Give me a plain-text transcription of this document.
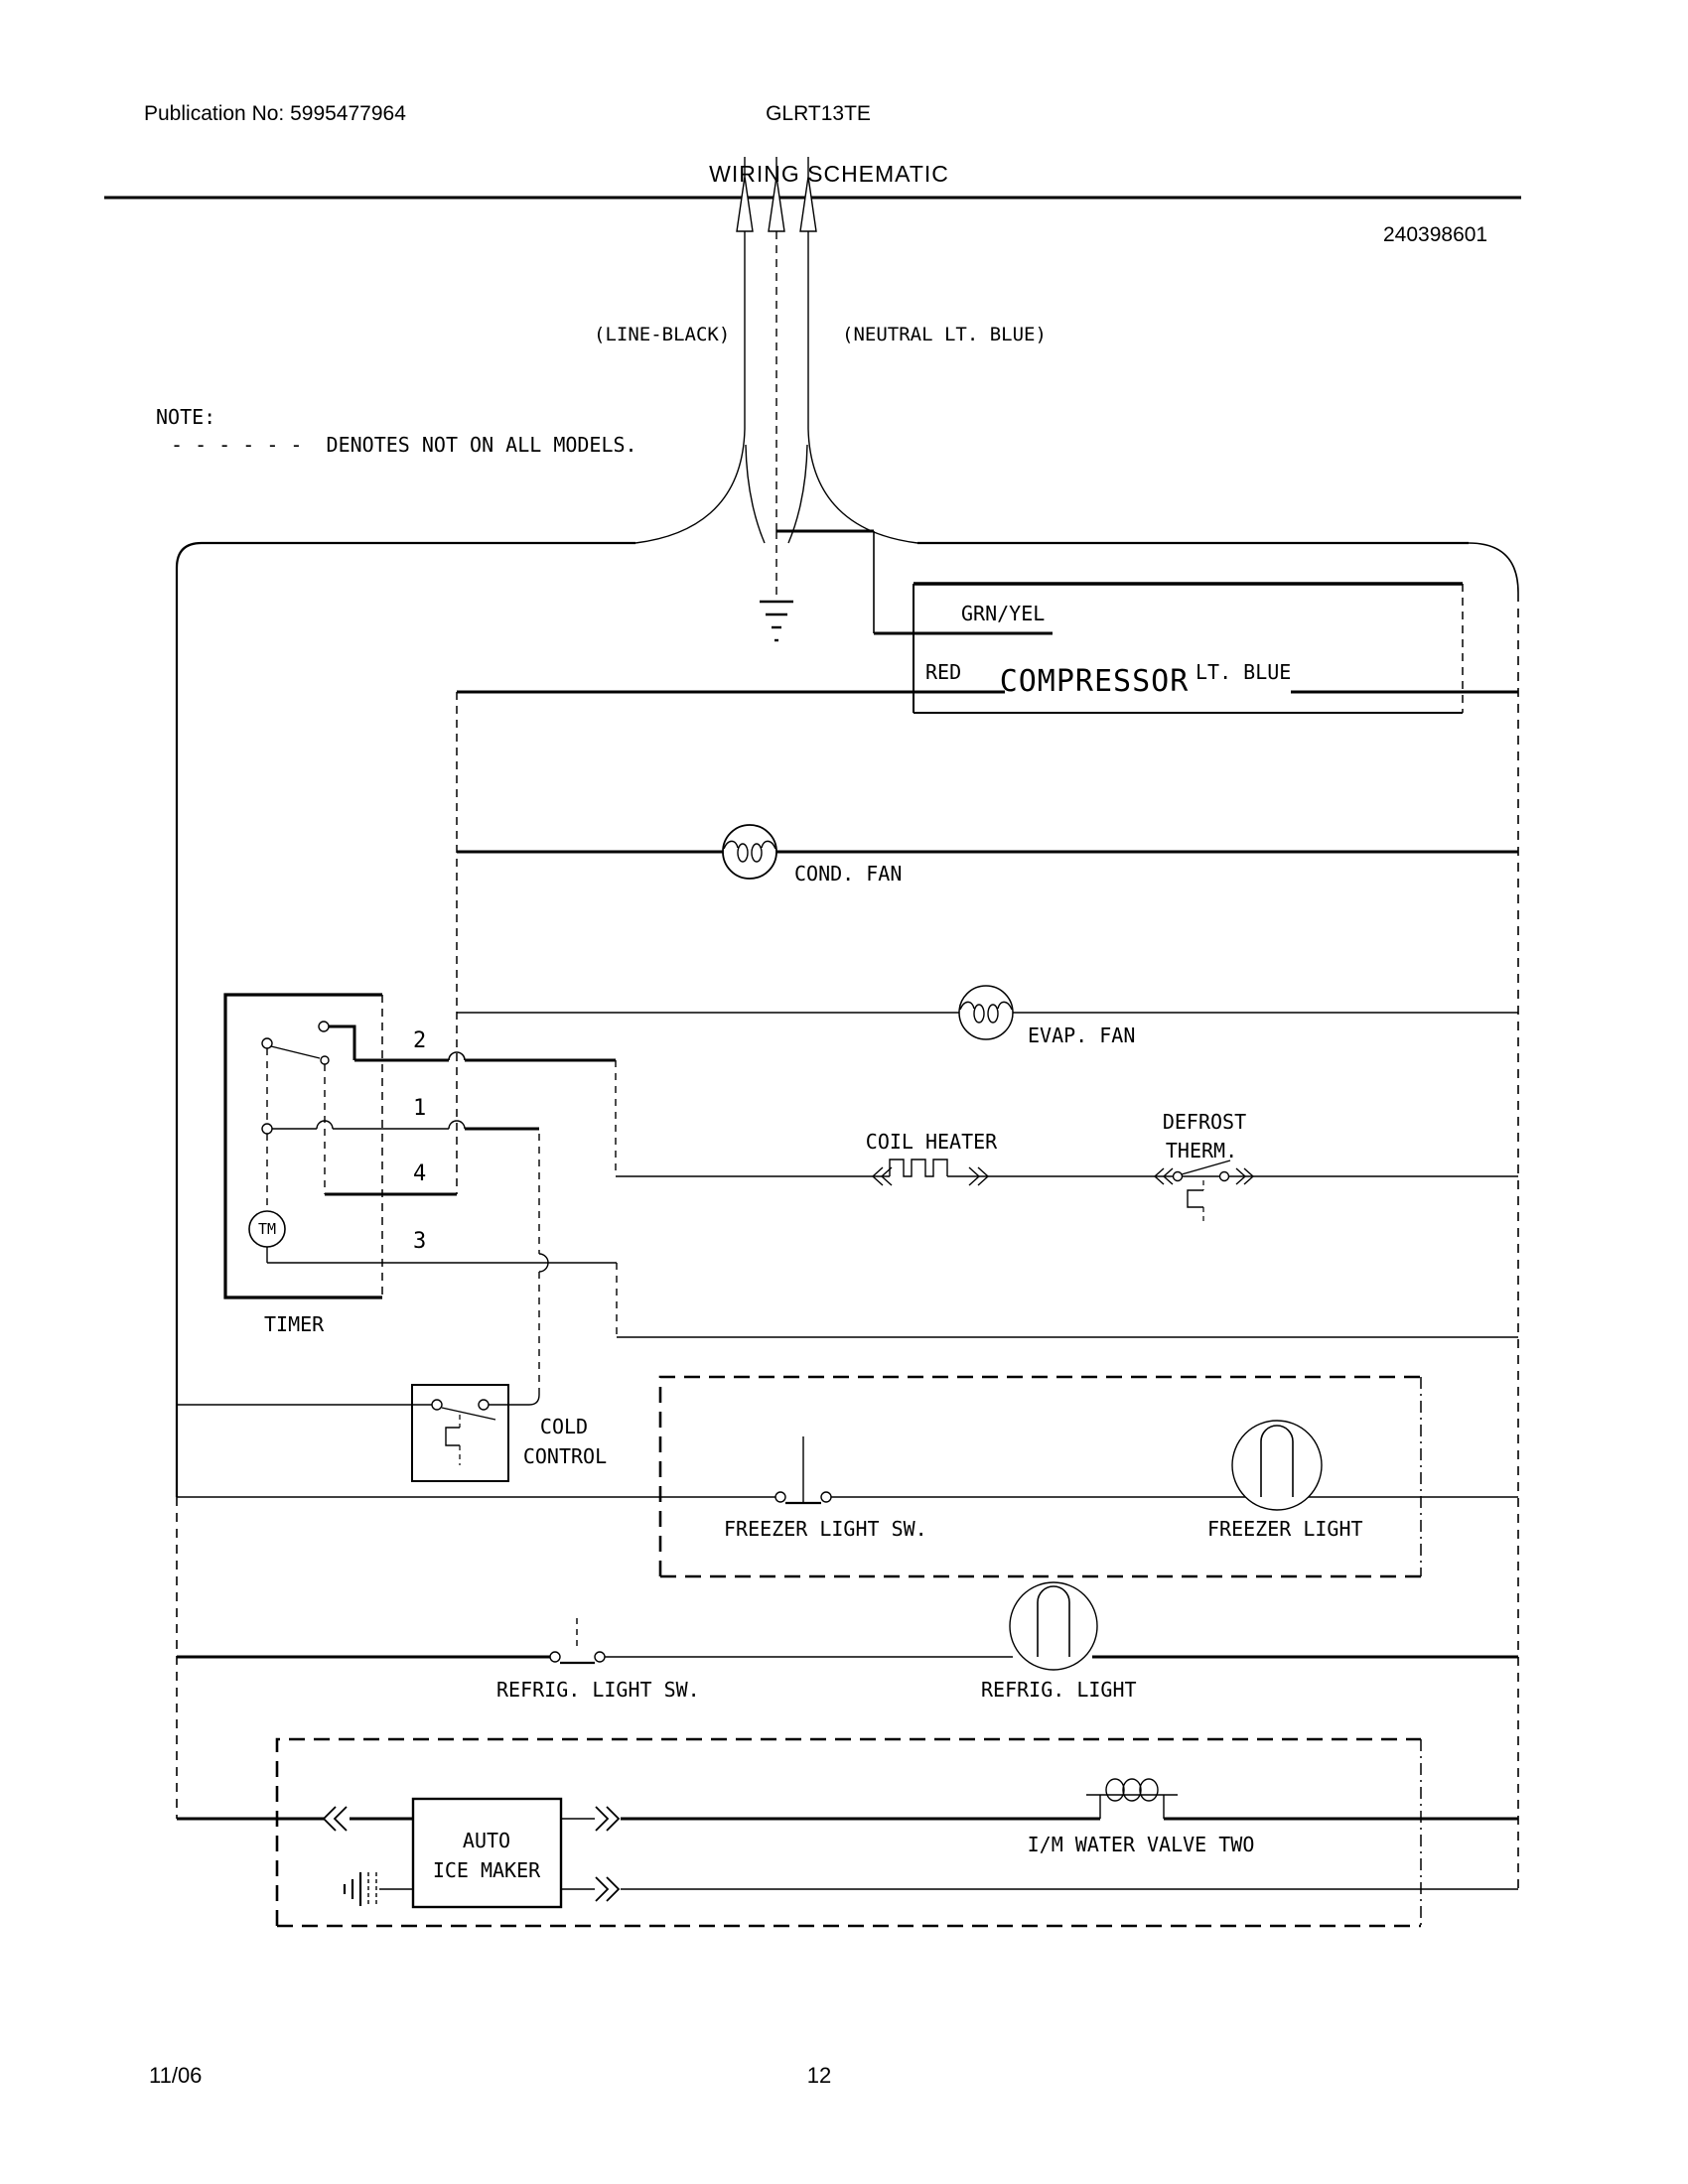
Publication No: 5995477964	GLRT13TE
WIRING SCHEMATIC
240398601
NOTE:
- - - - - -  DENOTES NOT ON ALL MODELS.
(LINE-BLACK)	(NEUTRAL LT. BLUE)
GRN/YEL
RED COMPRESSOR LT. BLUE
COND. FAN
EVAP. FAN
COIL HEATER
DEFROST
THERM.
2
1
4
3
TM
TIMER
COLD
CONTROL
FREEZER LIGHT SW.	FREEZER LIGHT
REFRIG. LIGHT SW.	REFRIG. LIGHT
AUTO
ICE MAKER
I/M WATER VALVE TWO
11/06	12
